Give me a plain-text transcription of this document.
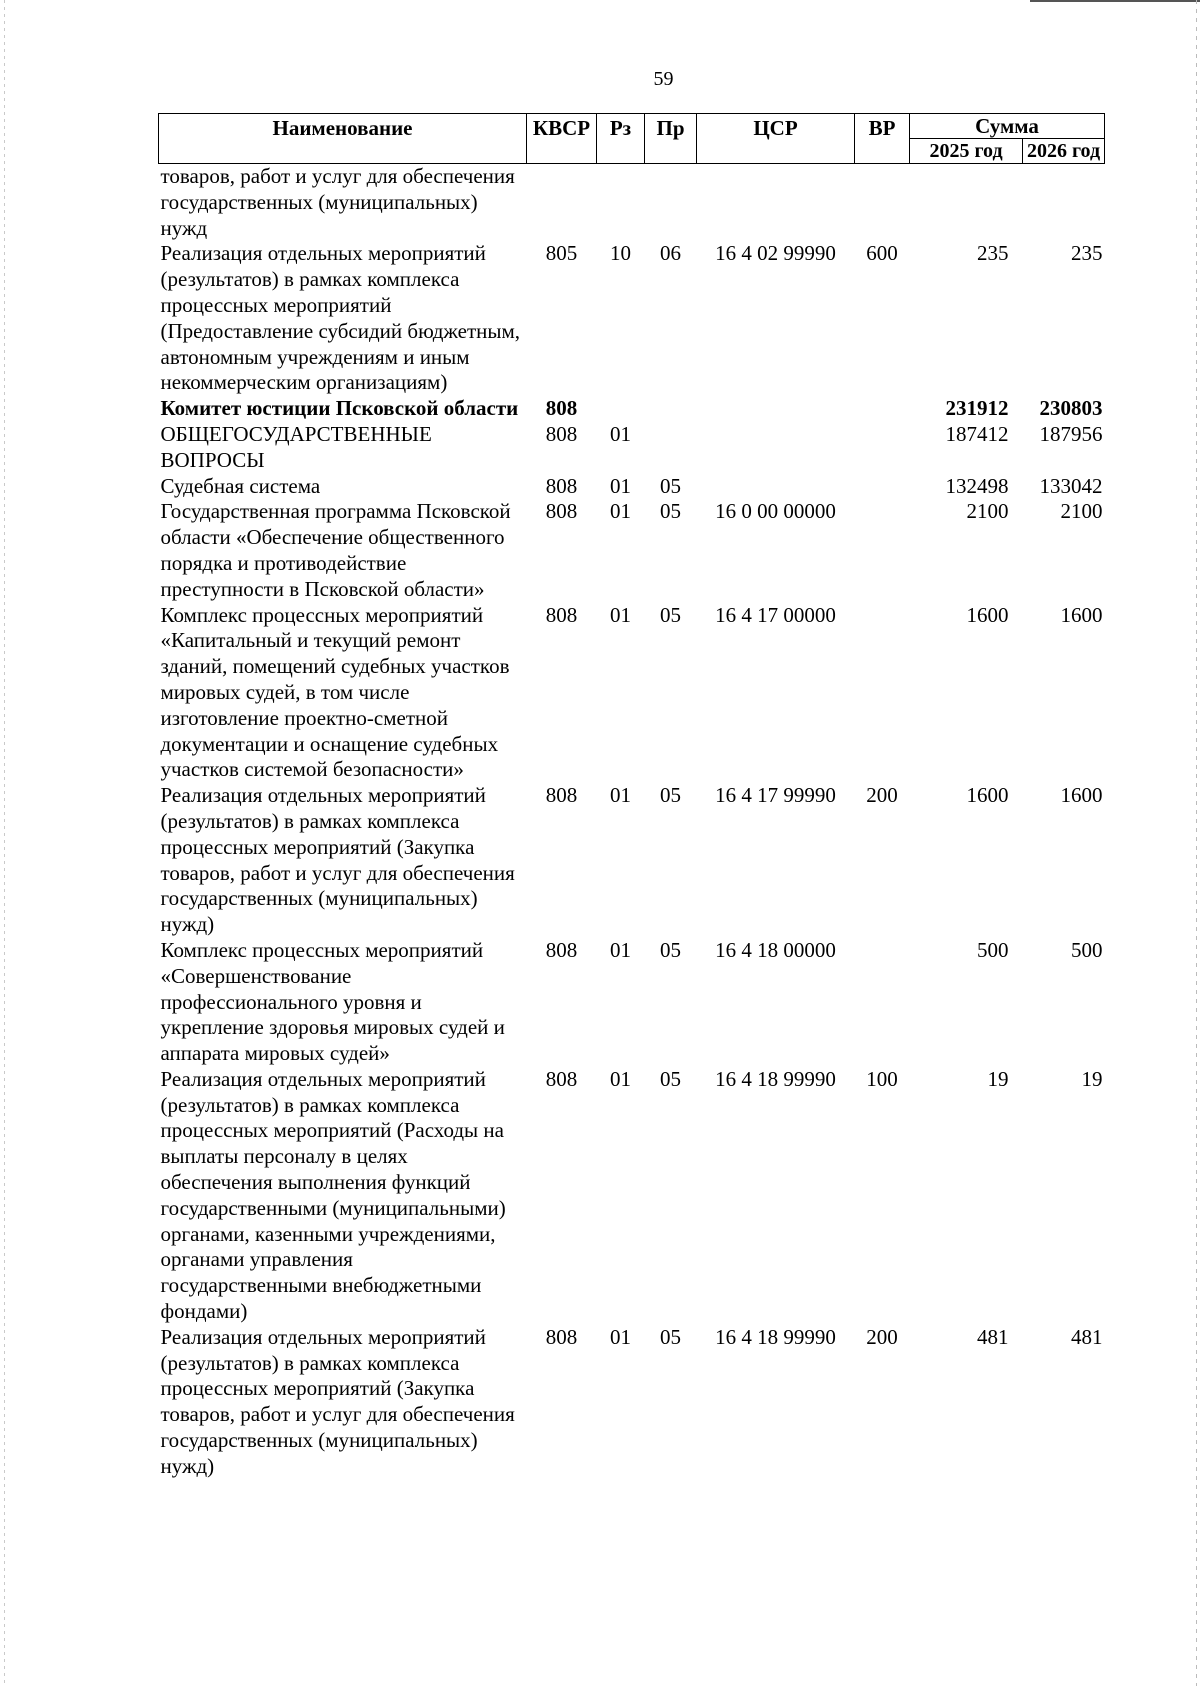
59
Наименование	КВСР	Рз	Пр	ЦСР	ВР	Сумма	
						2025 год	2026 год
товаров, работ и услуг для обеспечения государственных (муниципальных) нужд							
Реализация отдельных мероприятий (результатов) в рамках комплекса процессных мероприятий (Предоставление субсидий бюджетным, автономным учреждениям и иным некоммерческим организациям)	805	10	06	16 4 02 99990	600	235	235
Комитет юстиции Псковской области	808					231912	230803
ОБЩЕГОСУДАРСТВЕННЫЕ ВОПРОСЫ	808	01				187412	187956
Судебная система	808	01	05			132498	133042
Государственная программа Псковской области «Обеспечение общественного порядка и противодействие преступности в Псковской области»	808	01	05	16 0 00 00000		2100	2100
Комплекс процессных мероприятий «Капитальный и текущий ремонт зданий, помещений судебных участков мировых судей, в том числе изготовление проектно-сметной документации и оснащение судебных участков системой безопасности»	808	01	05	16 4 17 00000		1600	1600
Реализация отдельных мероприятий (результатов) в рамках комплекса процессных мероприятий (Закупка товаров, работ и услуг для обеспечения государственных (муниципальных) нужд)	808	01	05	16 4 17 99990	200	1600	1600
Комплекс процессных мероприятий «Совершенствование профессионального уровня и укрепление здоровья мировых судей и аппарата мировых судей»	808	01	05	16 4 18 00000		500	500
Реализация отдельных мероприятий (результатов) в рамках комплекса процессных мероприятий (Расходы на выплаты персоналу в целях обеспечения выполнения функций государственными (муниципальными) органами, казенными учреждениями, органами управления государственными внебюджетными фондами)	808	01	05	16 4 18 99990	100	19	19
Реализация отдельных мероприятий (результатов) в рамках комплекса процессных мероприятий (Закупка товаров, работ и услуг для обеспечения государственных (муниципальных) нужд)	808	01	05	16 4 18 99990	200	481	481
